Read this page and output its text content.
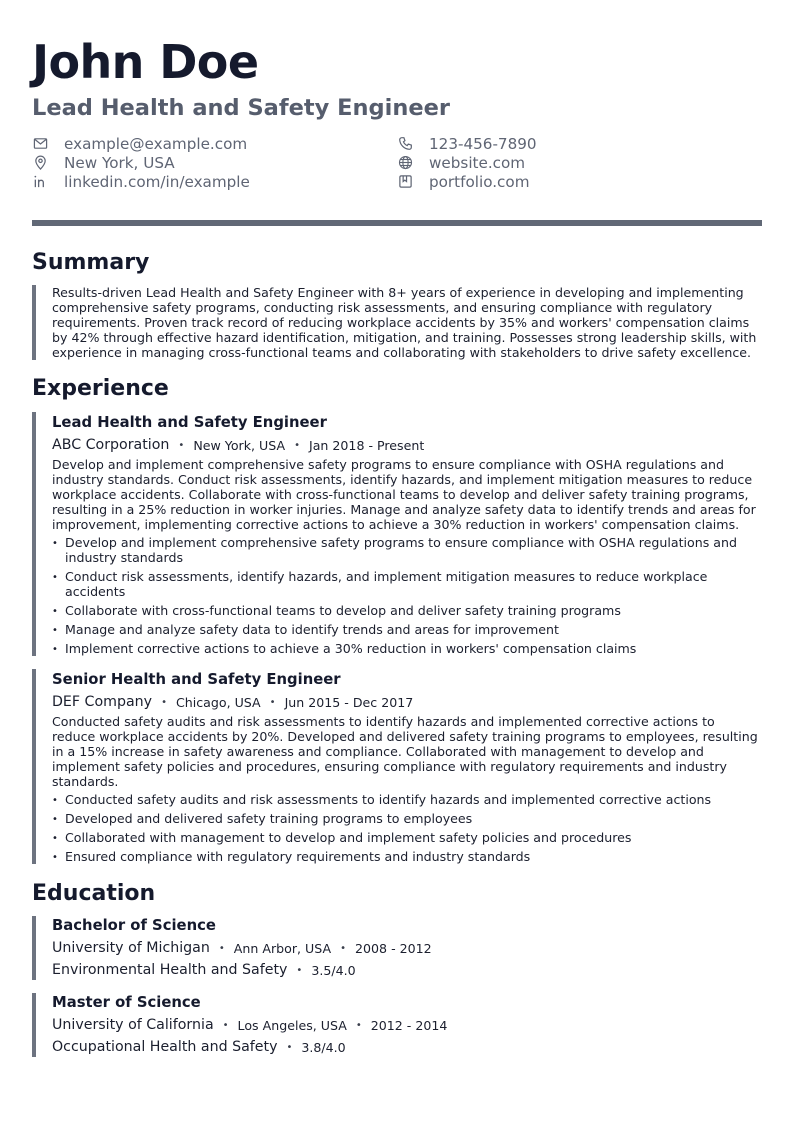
John Doe
Lead Health and Safety Engineer
example@example.com
New York, USA
linkedin.com/in/example
123-456-7890
website.com
portfolio.com
Summary
Results-driven Lead Health and Safety Engineer with 8+ years of experience in developing and implementing comprehensive safety programs, conducting risk assessments, and ensuring compliance with regulatory requirements. Proven track record of reducing workplace accidents by 35% and workers' compensation claims by 42% through effective hazard identification, mitigation, and training. Possesses strong leadership skills, with experience in managing cross-functional teams and collaborating with stakeholders to drive safety excellence.
Experience
Lead Health and Safety Engineer
ABC Corporation • New York, USA • Jan 2018 - Present
Develop and implement comprehensive safety programs to ensure compliance with OSHA regulations and industry standards. Conduct risk assessments, identify hazards, and implement mitigation measures to reduce workplace accidents. Collaborate with cross-functional teams to develop and deliver safety training programs, resulting in a 25% reduction in worker injuries. Manage and analyze safety data to identify trends and areas for improvement, implementing corrective actions to achieve a 30% reduction in workers' compensation claims.
• Develop and implement comprehensive safety programs to ensure compliance with OSHA regulations and industry standards
• Conduct risk assessments, identify hazards, and implement mitigation measures to reduce workplace accidents
• Collaborate with cross-functional teams to develop and deliver safety training programs
• Manage and analyze safety data to identify trends and areas for improvement
• Implement corrective actions to achieve a 30% reduction in workers' compensation claims
Senior Health and Safety Engineer
DEF Company • Chicago, USA • Jun 2015 - Dec 2017
Conducted safety audits and risk assessments to identify hazards and implemented corrective actions to reduce workplace accidents by 20%. Developed and delivered safety training programs to employees, resulting in a 15% increase in safety awareness and compliance. Collaborated with management to develop and implement safety policies and procedures, ensuring compliance with regulatory requirements and industry standards.
• Conducted safety audits and risk assessments to identify hazards and implemented corrective actions
• Developed and delivered safety training programs to employees
• Collaborated with management to develop and implement safety policies and procedures
• Ensured compliance with regulatory requirements and industry standards
Education
Bachelor of Science
University of Michigan • Ann Arbor, USA • 2008 - 2012
Environmental Health and Safety • 3.5/4.0
Master of Science
University of California • Los Angeles, USA • 2012 - 2014
Occupational Health and Safety • 3.8/4.0
